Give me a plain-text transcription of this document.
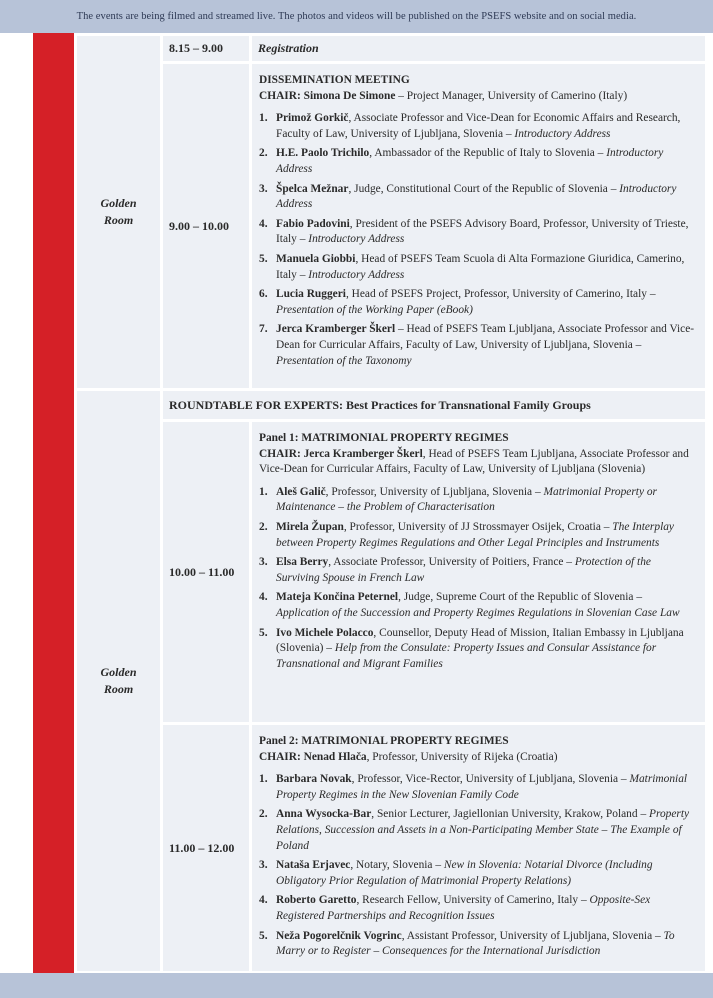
The events are being filmed and streamed live. The photos and videos will be published on the PSEFS website and on social media.
Golden Room
Golden Room
8.15 – 9.00	Registration
9.00 – 10.00
DISSEMINATION MEETING
CHAIR: Simona De Simone – Project Manager, University of Camerino (Italy)
1. Primož Gorkič, Associate Professor and Vice-Dean for Economic Affairs and Research, Faculty of Law, University of Ljubljana, Slovenia – Introductory Address
2. H.E. Paolo Trichilo, Ambassador of the Republic of Italy to Slovenia – Introductory Address
3. Špelca Mežnar, Judge, Constitutional Court of the Republic of Slovenia – Introductory Address
4. Fabio Padovini, President of the PSEFS Advisory Board, Professor, University of Trieste, Italy – Introductory Address
5. Manuela Giobbi, Head of PSEFS Team Scuola di Alta Formazione Giuridica, Camerino, Italy – Introductory Address
6. Lucia Ruggeri, Head of PSEFS Project, Professor, University of Camerino, Italy – Presentation of the Working Paper (eBook)
7. Jerca Kramberger Škerl – Head of PSEFS Team Ljubljana, Associate Professor and Vice-Dean for Curricular Affairs, Faculty of Law, University of Ljubljana, Slovenia – Presentation of the Taxonomy
ROUNDTABLE FOR EXPERTS: Best Practices for Transnational Family Groups
10.00 – 11.00
Panel 1: MATRIMONIAL PROPERTY REGIMES
CHAIR: Jerca Kramberger Škerl, Head of PSEFS Team Ljubljana, Associate Professor and Vice-Dean for Curricular Affairs, Faculty of Law, University of Ljubljana (Slovenia)
1. Aleš Galič, Professor, University of Ljubljana, Slovenia – Matrimonial Property or Maintenance – the Problem of Characterisation
2. Mirela Župan, Professor, University of JJ Strossmayer Osijek, Croatia – The Interplay between Property Regimes Regulations and Other Legal Principles and Instruments
3. Elsa Berry, Associate Professor, University of Poitiers, France – Protection of the Surviving Spouse in French Law
4. Mateja Končina Peternel, Judge, Supreme Court of the Republic of Slovenia – Application of the Succession and Property Regimes Regulations in Slovenian Case Law
5. Ivo Michele Polacco, Counsellor, Deputy Head of Mission, Italian Embassy in Ljubljana (Slovenia) – Help from the Consulate: Property Issues and Consular Assistance for Transnational and Migrant Families
11.00 – 12.00
Panel 2: MATRIMONIAL PROPERTY REGIMES
CHAIR: Nenad Hlača, Professor, University of Rijeka (Croatia)
1. Barbara Novak, Professor, Vice-Rector, University of Ljubljana, Slovenia – Matrimonial Property Regimes in the New Slovenian Family Code
2. Anna Wysocka-Bar, Senior Lecturer, Jagiellonian University, Krakow, Poland – Property Relations, Succession and Assets in a Non-Participating Member State – The Example of Poland
3. Nataša Erjavec, Notary, Slovenia – New in Slovenia: Notarial Divorce (Including Obligatory Prior Regulation of Matrimonial Property Relations)
4. Roberto Garetto, Research Fellow, University of Camerino, Italy – Opposite-Sex Registered Partnerships and Recognition Issues
5. Neža Pogorelčnik Vogrinc, Assistant Professor, University of Ljubljana, Slovenia – To Marry or to Register – Consequences for the International Jurisdiction
